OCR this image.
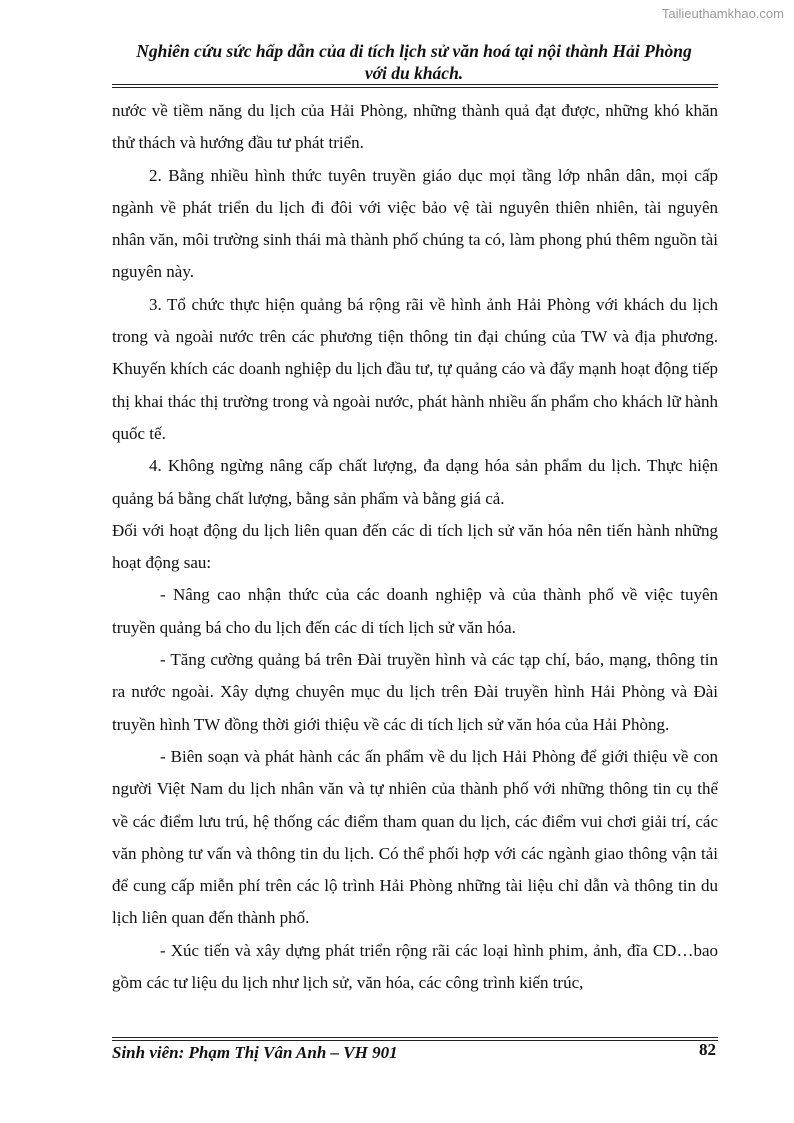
Tailieuthamkhao.com
Nghiên cứu sức hấp dẫn của di tích lịch sử văn hoá tại nội thành Hải Phòng
với du khách.

nước về tiềm năng du lịch của Hải Phòng, những thành quả đạt được, những khó khăn thử thách và hướng đầu tư phát triển.

2. Bằng nhiều hình thức tuyên truyền giáo dục mọi tầng lớp nhân dân, mọi cấp ngành về phát triển du lịch đi đôi với việc bảo vệ tài nguyên thiên nhiên, tài nguyên nhân văn, môi trường sinh thái mà thành phố chúng ta có, làm phong phú thêm nguồn tài nguyên này.

3. Tổ chức thực hiện quảng bá rộng rãi về hình ảnh Hải Phòng với khách du lịch trong và ngoài nước trên các phương tiện thông tin đại chúng của TW và địa phương. Khuyến khích các doanh nghiệp du lịch đầu tư, tự quảng cáo và đẩy mạnh hoạt động tiếp thị khai thác thị trường trong và ngoài nước, phát hành nhiều ấn phẩm cho khách lữ hành quốc tế.

4. Không ngừng nâng cấp chất lượng, đa dạng hóa sản phẩm du lịch. Thực hiện quảng bá bằng chất lượng, bằng sản phẩm và bằng giá cả.

Đối với hoạt động du lịch liên quan đến các di tích lịch sử văn hóa nên tiến hành những hoạt động sau:

- Nâng cao nhận thức của các doanh nghiệp và của thành phố về việc tuyên truyền quảng bá cho du lịch đến các di tích lịch sử văn hóa.

- Tăng cường quảng bá trên Đài truyền hình và các tạp chí, báo, mạng, thông tin ra nước ngoài. Xây dựng chuyên mục du lịch trên Đài truyền hình Hải Phòng và Đài truyền hình TW đồng thời giới thiệu về các di tích lịch sử văn hóa của Hải Phòng.

- Biên soạn và phát hành các ấn phẩm về du lịch Hải Phòng để giới thiệu về con người Việt Nam du lịch nhân văn và tự nhiên của thành phố với những thông tin cụ thể về các điểm lưu trú, hệ thống các điểm tham quan du lịch, các điểm vui chơi giải trí, các văn phòng tư vấn và thông tin du lịch. Có thể phối hợp với các ngành giao thông vận tải để cung cấp miễn phí trên các lộ trình Hải Phòng những tài liệu chỉ dẫn và thông tin du lịch liên quan đến thành phố.

- Xúc tiến và xây dựng phát triển rộng rãi các loại hình phim, ảnh, đĩa CD…bao gồm các tư liệu du lịch như lịch sử, văn hóa, các công trình kiến trúc,

Sinh viên: Phạm Thị Vân Anh – VH 901	82
